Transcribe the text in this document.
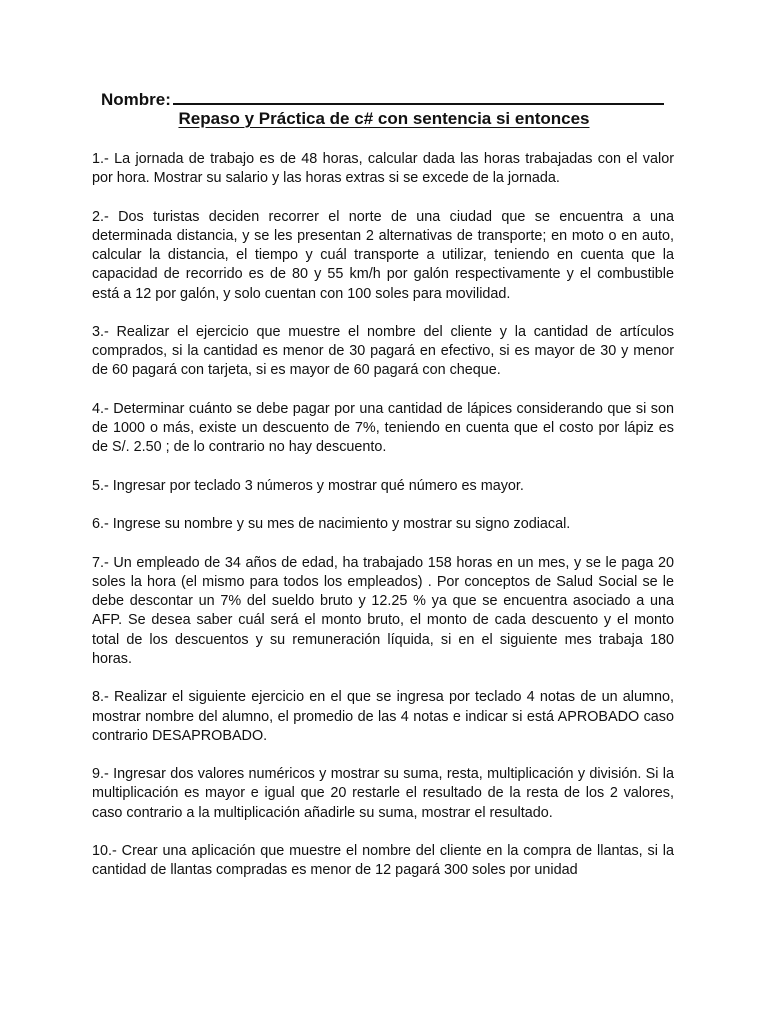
Nombre:
Repaso y Práctica de c# con sentencia si entonces

1.- La jornada de trabajo es de 48 horas, calcular dada las horas trabajadas con el valor por hora. Mostrar su salario y las horas extras si se excede de la jornada.

2.- Dos turistas deciden recorrer el norte de una ciudad que se encuentra a una determinada distancia, y se les presentan 2 alternativas de transporte; en moto o en auto, calcular la distancia, el tiempo y cuál transporte a utilizar, teniendo en cuenta que la capacidad de recorrido es de 80 y 55 km/h por galón respectivamente y el combustible está a 12 por galón, y solo cuentan con 100 soles para movilidad.

3.- Realizar el ejercicio que muestre el nombre del cliente y la cantidad de artículos comprados, si la cantidad es menor de 30 pagará en efectivo, si es mayor de 30 y menor de 60 pagará con tarjeta, si es mayor de 60 pagará con cheque.

4.- Determinar cuánto se debe pagar por una cantidad de lápices considerando que si son de 1000 o más, existe un descuento de 7%, teniendo en cuenta que el costo por lápiz es de S/. 2.50 ; de lo contrario no hay descuento.

5.- Ingresar por teclado 3 números y mostrar qué número es mayor.

6.- Ingrese su nombre y su mes de nacimiento y mostrar su signo zodiacal.

7.- Un empleado de 34 años de edad, ha trabajado 158 horas en un mes, y se le paga 20 soles la hora (el mismo para todos los empleados) . Por conceptos de Salud Social se le debe descontar un 7% del sueldo bruto y 12.25 % ya que se encuentra asociado a una AFP. Se desea saber cuál será el monto bruto, el monto de cada descuento y el monto total de los descuentos y su remuneración líquida, si en el siguiente mes trabaja 180 horas.

8.- Realizar el siguiente ejercicio en el que se ingresa por teclado 4 notas de un alumno, mostrar nombre del alumno, el promedio de las 4 notas e indicar si está APROBADO caso contrario DESAPROBADO.

9.- Ingresar dos valores numéricos y mostrar su suma, resta, multiplicación y división. Si la multiplicación es mayor e igual que 20 restarle el resultado de la resta de los 2 valores, caso contrario a la multiplicación añadirle su suma, mostrar el resultado.

10.- Crear una aplicación que muestre el nombre del cliente en la compra de llantas, si la cantidad de llantas compradas es menor de 12 pagará 300 soles por unidad
